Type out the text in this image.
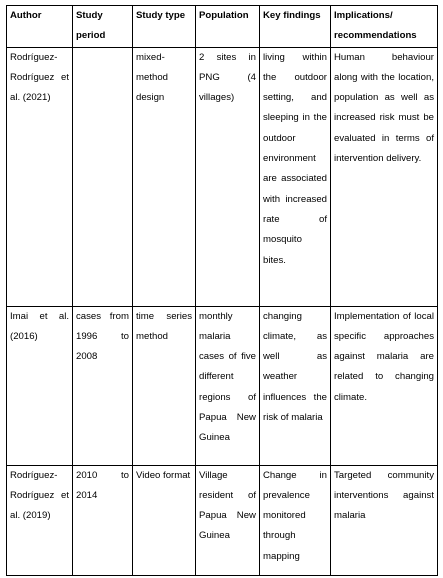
Author	Study period	Study type	Population	Key findings	Implications/ recommendations

Rodríguez-Rodríguez et al. (2021)		mixed-method design	2 sites in PNG (4 villages)	living within the outdoor setting, and sleeping in the outdoor environment are associated with increased rate of mosquito bites.	Human behaviour along with the location, population as well as increased risk must be evaluated in terms of intervention delivery.

Imai et al. (2016)	cases from 1996 to 2008	time series method	monthly malaria cases of five different regions of Papua New Guinea	changing climate, as well as weather influences the risk of malaria	Implementation of local specific approaches against malaria are related to changing climate.

Rodríguez-Rodríguez et al. (2019)	2010 to 2014	Video format	Village resident of Papua New Guinea	Change in prevalence monitored through mapping	Targeted community interventions against malaria
